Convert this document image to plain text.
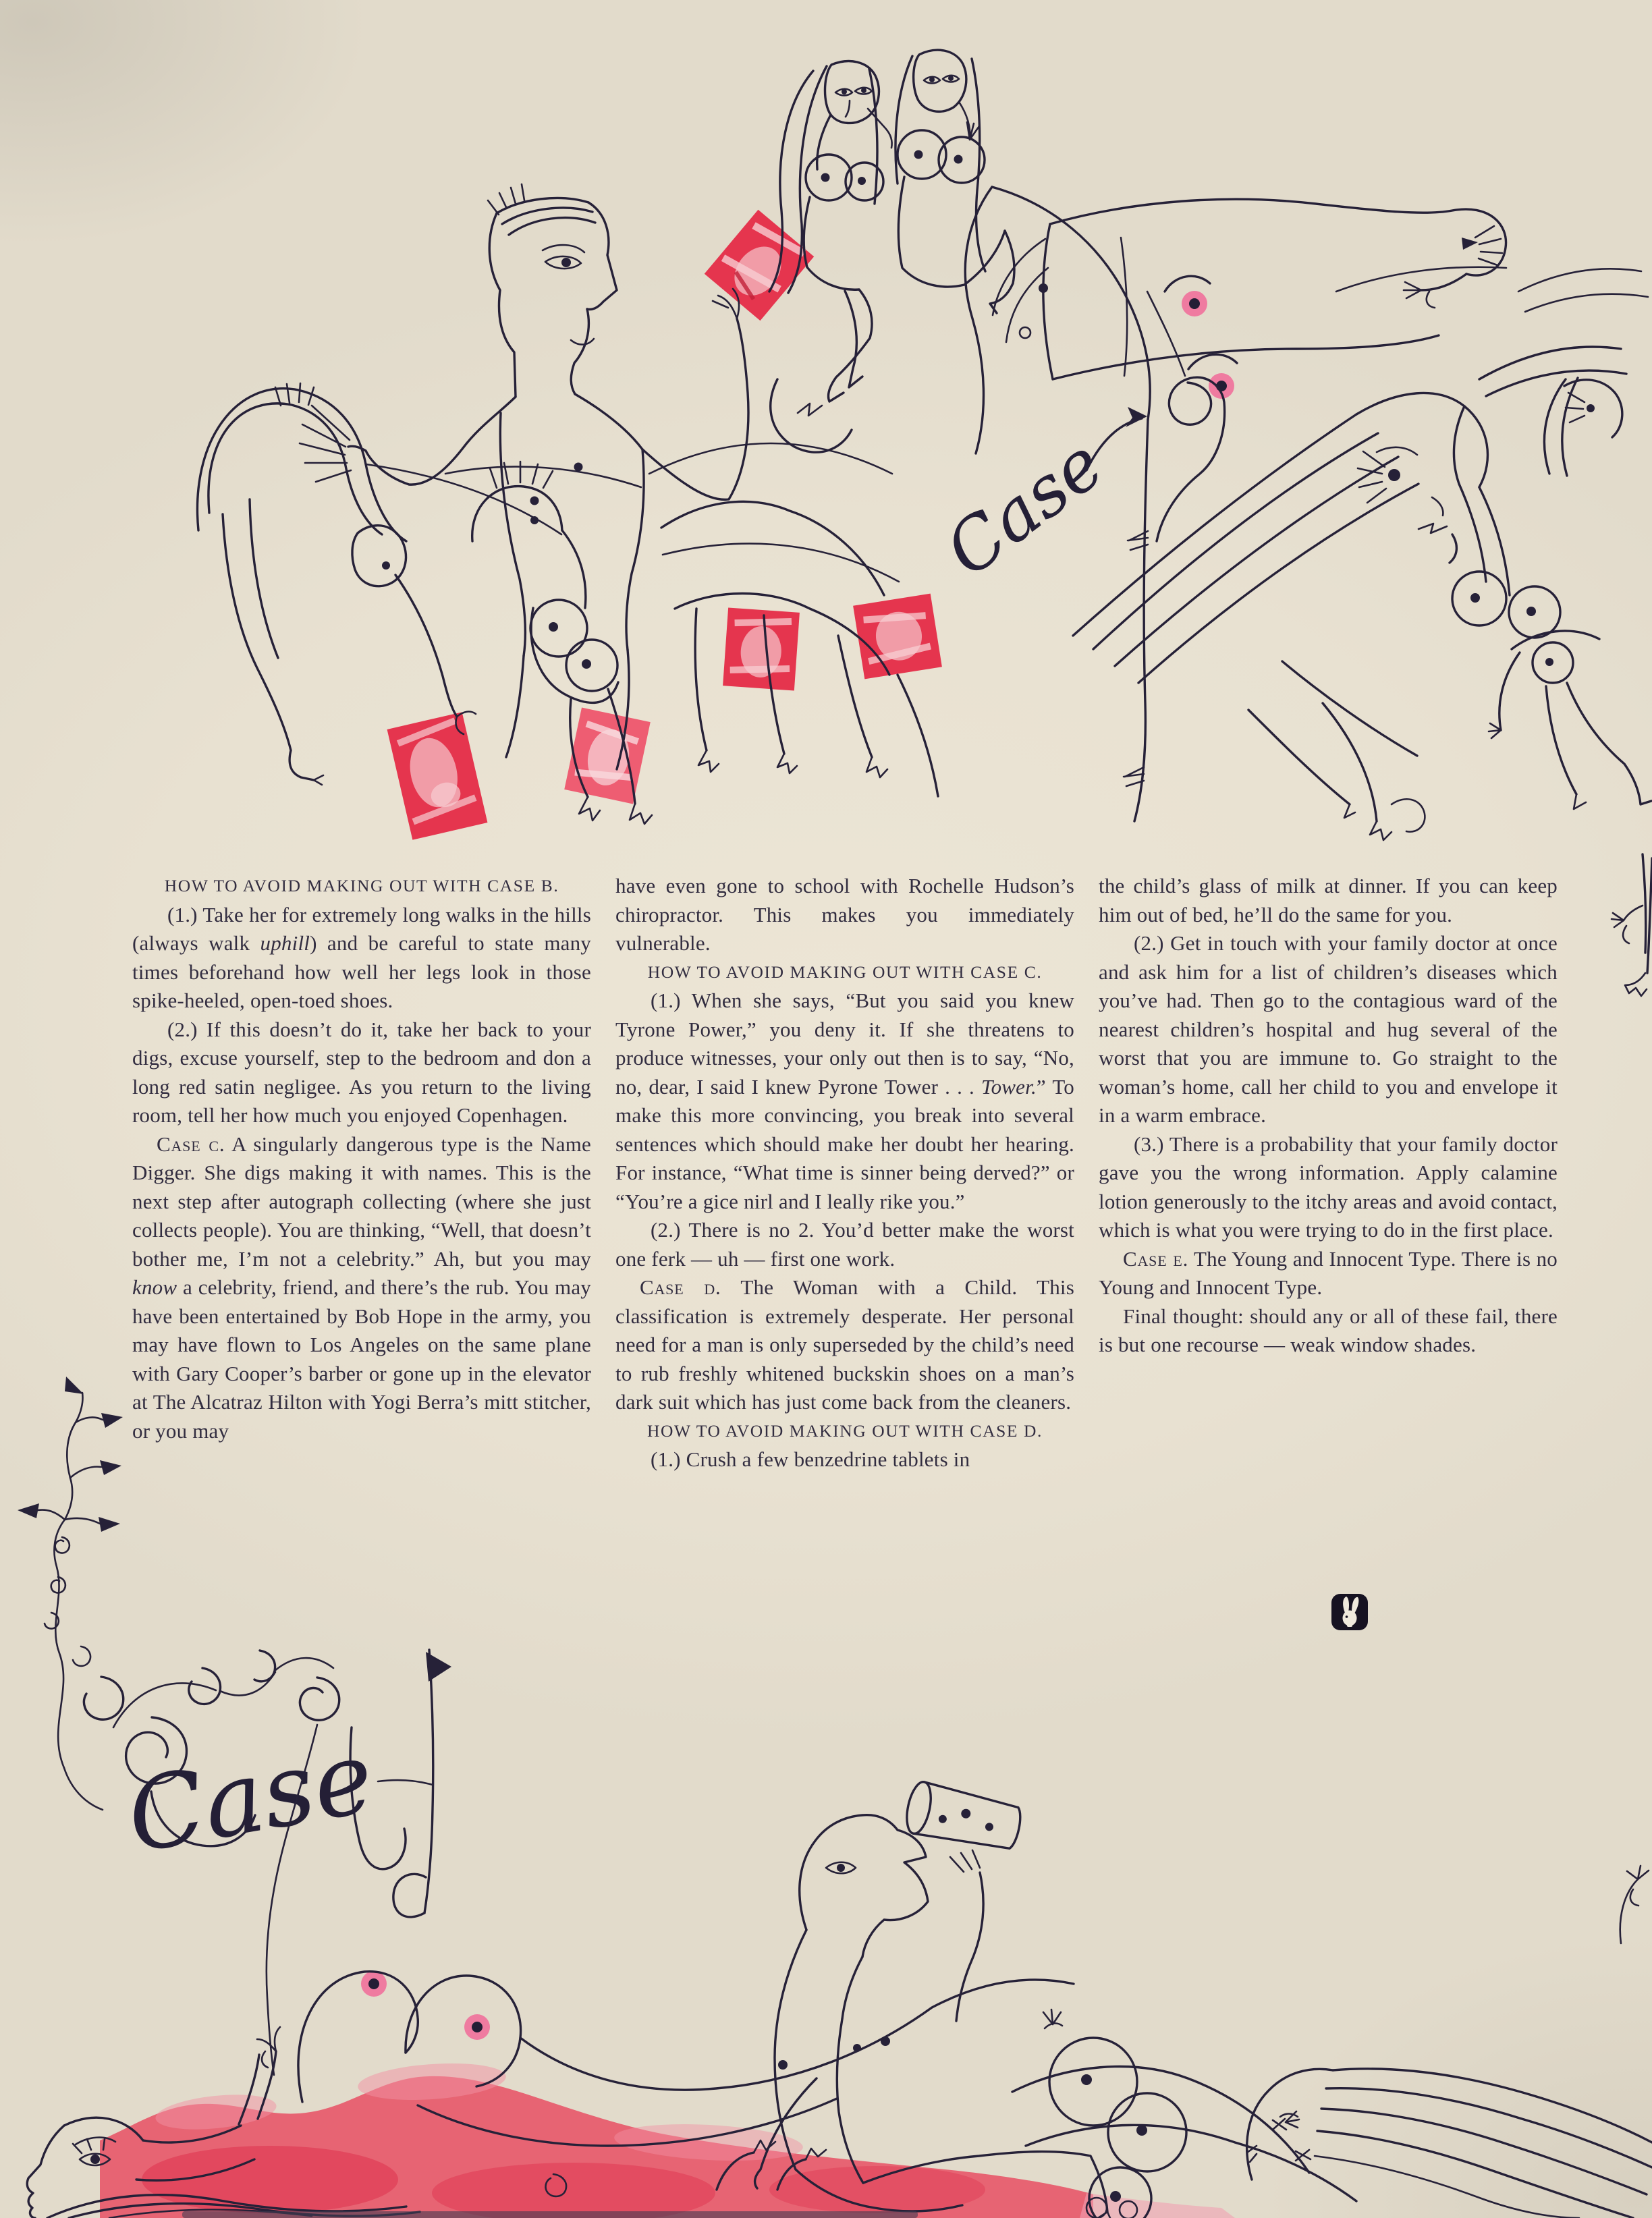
Case
Case

HOW TO AVOID MAKING OUT WITH CASE B.

(1.) Take her for extremely long walks in the hills (always walk uphill) and be careful to state many times beforehand how well her legs look in those spike-heeled, open-toed shoes.

(2.) If this doesn’t do it, take her back to your digs, excuse yourself, step to the bedroom and don a long red satin negligee. As you return to the living room, tell her how much you enjoyed Copenhagen.

Case c. A singularly dangerous type is the Name Digger. She digs making it with names. This is the next step after autograph collecting (where she just collects people). You are thinking, “Well, that doesn’t bother me, I’m not a celebrity.” Ah, but you may know a celebrity, friend, and there’s the rub. You may have been entertained by Bob Hope in the army, you may have flown to Los Angeles on the same plane with Gary Cooper’s barber or gone up in the elevator at The Alcatraz Hilton with Yogi Berra’s mitt stitcher, or you may

have even gone to school with Rochelle Hudson’s chiropractor. This makes you immediately vulnerable.

HOW TO AVOID MAKING OUT WITH CASE C.

(1.) When she says, “But you said you knew Tyrone Power,” you deny it. If she threatens to produce witnesses, your only out then is to say, “No, no, dear, I said I knew Pyrone Tower . . . Tower.” To make this more convincing, you break into several sentences which should make her doubt her hearing. For instance, “What time is sinner being derved?” or “You’re a gice nirl and I leally rike you.”

(2.) There is no 2. You’d better make the worst one ferk — uh — first one work.

Case d. The Woman with a Child. This classification is extremely desperate. Her personal need for a man is only superseded by the child’s need to rub freshly whitened buckskin shoes on a man’s dark suit which has just come back from the cleaners.

HOW TO AVOID MAKING OUT WITH CASE D.

(1.) Crush a few benzedrine tablets in

the child’s glass of milk at dinner. If you can keep him out of bed, he’ll do the same for you.

(2.) Get in touch with your family doctor at once and ask him for a list of children’s diseases which you’ve had. Then go to the contagious ward of the nearest children’s hospital and hug several of the worst that you are immune to. Go straight to the woman’s home, call her child to you and envelope it in a warm embrace.

(3.) There is a probability that your family doctor gave you the wrong information. Apply calamine lotion generously to the itchy areas and avoid contact, which is what you were trying to do in the first place.

Case e. The Young and Innocent Type. There is no Young and Innocent Type.

Final thought: should any or all of these fail, there is but one recourse — weak window shades.
